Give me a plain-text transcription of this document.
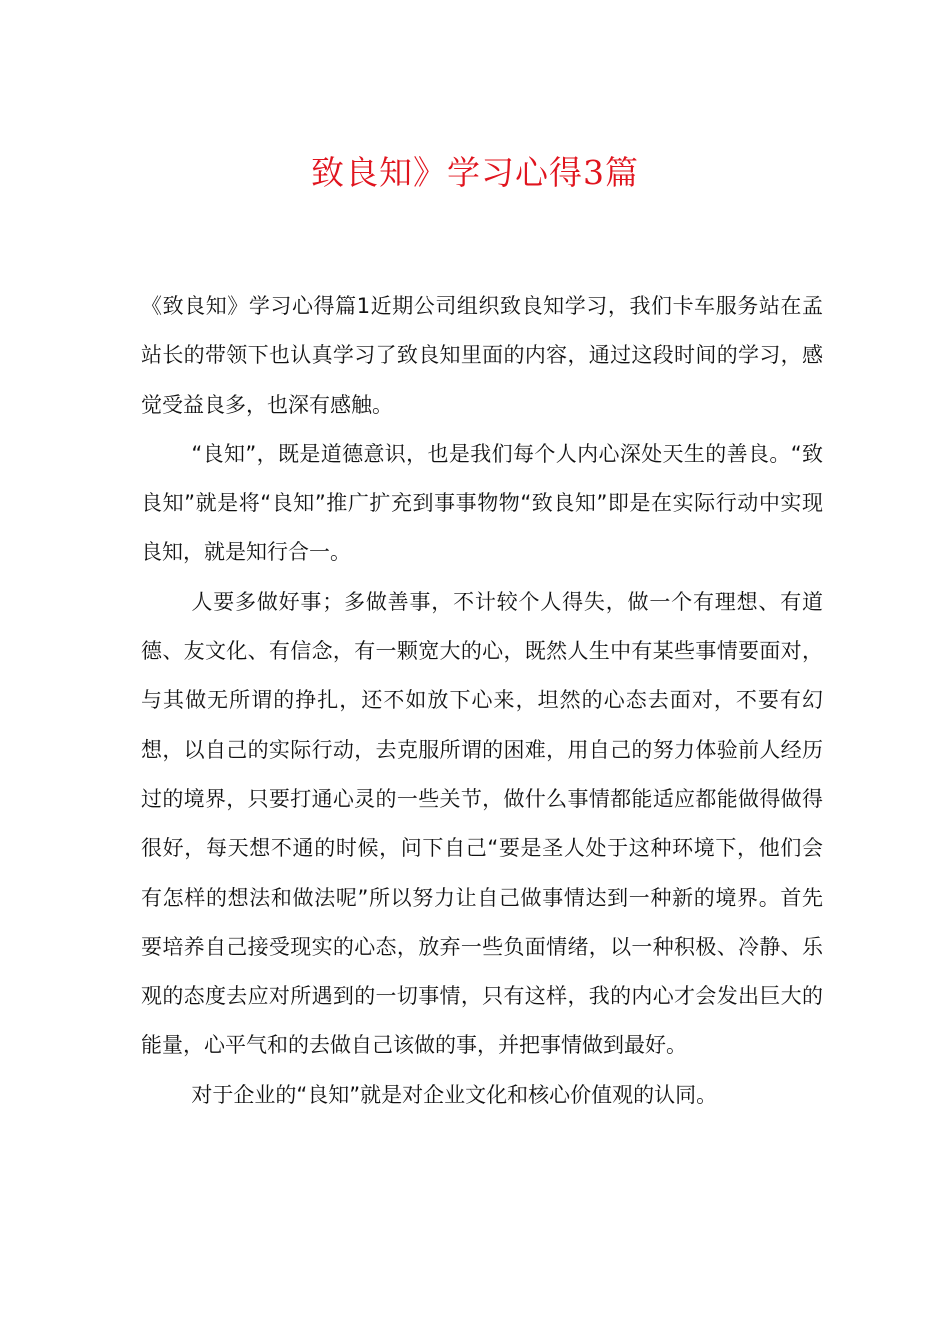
致良知》学习心得3篇

《致良知》学习心得篇1近期公司组织致良知学习，我们卡车服务站在孟站长的带领下也认真学习了致良知里面的内容，通过这段时间的学习，感觉受益良多，也深有感触。

“良知”，既是道德意识，也是我们每个人内心深处天生的善良。“致良知”就是将“良知”推广扩充到事事物物“致良知”即是在实际行动中实现良知，就是知行合一。

人要多做好事；多做善事，不计较个人得失，做一个有理想、有道德、友文化、有信念，有一颗宽大的心，既然人生中有某些事情要面对，与其做无所谓的挣扎，还不如放下心来，坦然的心态去面对，不要有幻想，以自己的实际行动，去克服所谓的困难，用自己的努力体验前人经历过的境界，只要打通心灵的一些关节，做什么事情都能适应都能做得做得很好，每天想不通的时候，问下自己“要是圣人处于这种环境下，他们会有怎样的想法和做法呢”所以努力让自己做事情达到一种新的境界。首先要培养自己接受现实的心态，放弃一些负面情绪，以一种积极、冷静、乐观的态度去应对所遇到的一切事情，只有这样，我的内心才会发出巨大的能量，心平气和的去做自己该做的事，并把事情做到最好。

对于企业的“良知”就是对企业文化和核心价值观的认同。
